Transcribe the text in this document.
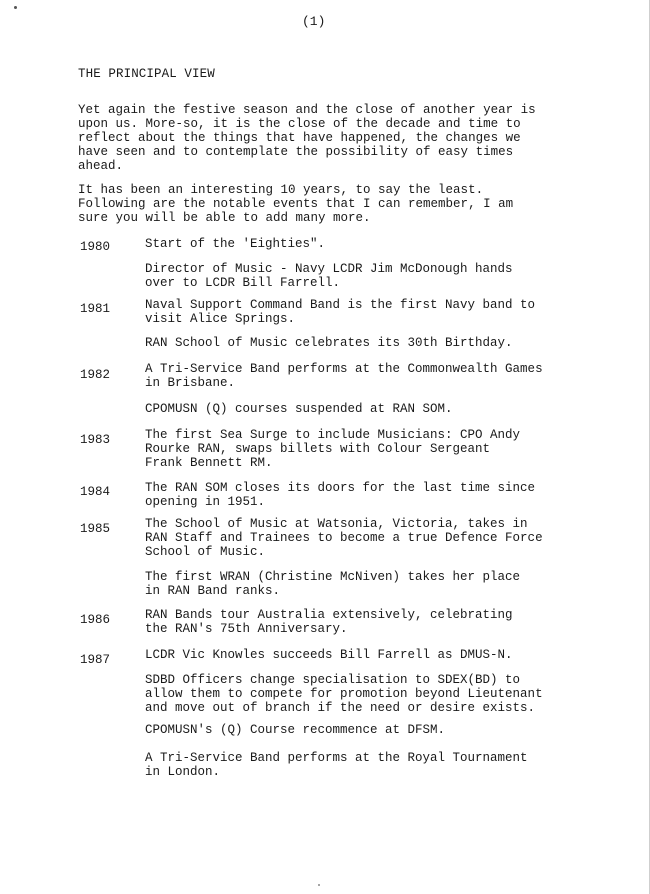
(1)
THE PRINCIPAL VIEW
Yet again the festive season and the close of another year is
upon us. More-so, it is the close of the decade and time to
reflect about the things that have happened, the changes we
have seen and to contemplate the possibility of easy times
ahead.
It has been an interesting 10 years, to say the least.
Following are the notable events that I can remember, I am
sure you will be able to add many more.
1980	Start of the 'Eighties".
Director of Music - Navy LCDR Jim McDonough hands
over to LCDR Bill Farrell.
1981	Naval Support Command Band is the first Navy band to
visit Alice Springs.
RAN School of Music celebrates its 30th Birthday.
1982	A Tri-Service Band performs at the Commonwealth Games
in Brisbane.
CPOMUSN (Q) courses suspended at RAN SOM.
1983	The first Sea Surge to include Musicians: CPO Andy
Rourke RAN, swaps billets with Colour Sergeant
Frank Bennett RM.
1984	The RAN SOM closes its doors for the last time since
opening in 1951.
1985	The School of Music at Watsonia, Victoria, takes in
RAN Staff and Trainees to become a true Defence Force
School of Music.
The first WRAN (Christine McNiven) takes her place
in RAN Band ranks.
1986	RAN Bands tour Australia extensively, celebrating
the RAN's 75th Anniversary.
1987	LCDR Vic Knowles succeeds Bill Farrell as DMUS-N.
SDBD Officers change specialisation to SDEX(BD) to
allow them to compete for promotion beyond Lieutenant
and move out of branch if the need or desire exists.
CPOMUSN's (Q) Course recommence at DFSM.
A Tri-Service Band performs at the Royal Tournament
in London.
